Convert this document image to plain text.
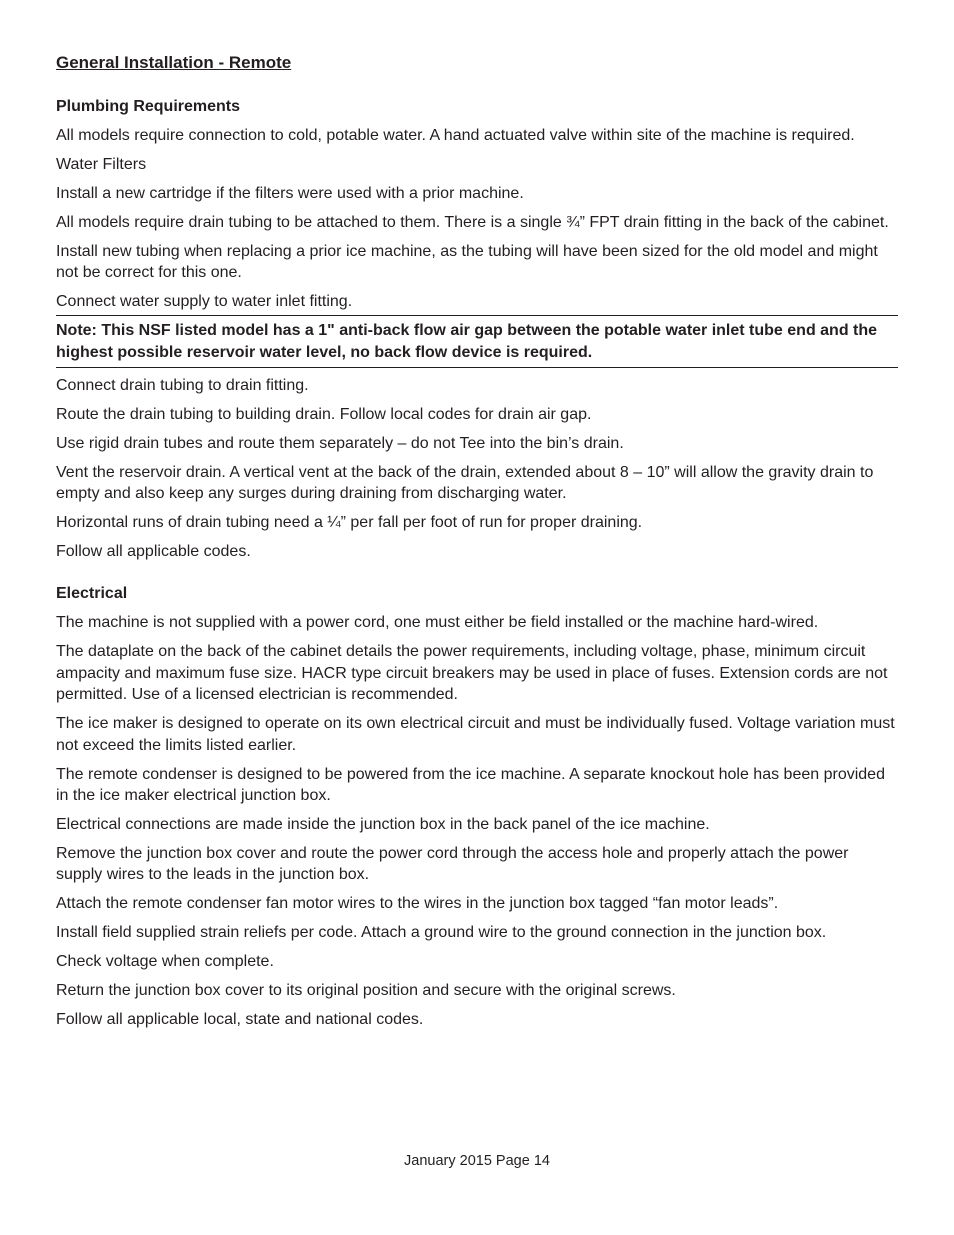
General Installation - Remote
Plumbing Requirements

All models require connection to cold, potable water. A hand actuated valve within site of the machine is required.

Water Filters

Install a new cartridge if the filters were used with a prior machine.

All models require drain tubing to be attached to them. There is a single ¾” FPT drain fitting in the back of the cabinet.

Install new tubing when replacing a prior ice machine, as the tubing will have been sized for the old model and might not be correct for this one.

Connect water supply to water inlet fitting.

Note: This NSF listed model has a 1" anti-back flow air gap between the potable water inlet tube end and the highest possible reservoir water level, no back flow device is required.

Connect drain tubing to drain fitting.

Route the drain tubing to building drain. Follow local codes for drain air gap.

Use rigid drain tubes and route them separately – do not Tee into the bin’s drain.

Vent the reservoir drain. A vertical vent at the back of the drain, extended about 8 – 10” will allow the gravity drain to empty and also keep any surges during draining from discharging water.

Horizontal runs of drain tubing need a ¼” per fall per foot of run for proper draining.

Follow all applicable codes.

Electrical

The machine is not supplied with a power cord, one must either be field installed or the machine hard-wired.

The dataplate on the back of the cabinet details the power requirements, including voltage, phase, minimum circuit ampacity and maximum fuse size. HACR type circuit breakers may be used in place of fuses. Extension cords are not permitted. Use of a licensed electrician is recommended.

The ice maker is designed to operate on its own electrical circuit and must be individually fused. Voltage variation must not exceed the limits listed earlier.

The remote condenser is designed to be powered from the ice machine. A separate knockout hole has been provided in the ice maker electrical junction box.

Electrical connections are made inside the junction box in the back panel of the ice machine.

Remove the junction box cover and route the power cord through the access hole and properly attach the power supply wires to the leads in the junction box.

Attach the remote condenser fan motor wires to the wires in the junction box tagged “fan motor leads”.

Install field supplied strain reliefs per code. Attach a ground wire to the ground connection in the junction box.

Check voltage when complete.

Return the junction box cover to its original position and secure with the original screws.

Follow all applicable local, state and national codes.

January 2015 Page 14
